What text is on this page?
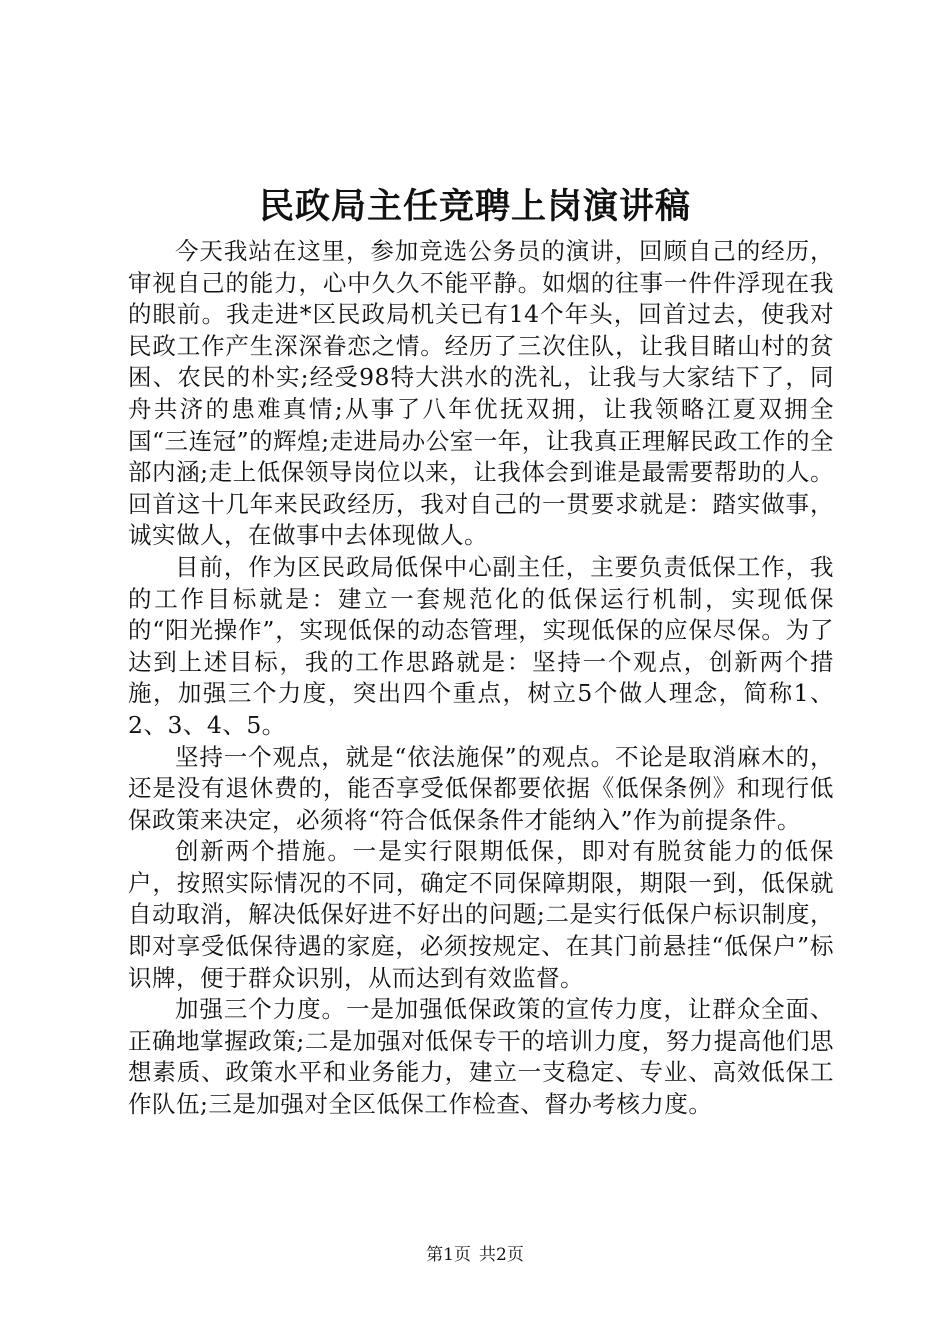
民政局主任竞聘上岗演讲稿

今天我站在这里，参加竞选公务员的演讲，回顾自己的经历，审视自己的能力，心中久久不能平静。如烟的往事一件件浮现在我的眼前。我走进*区民政局机关已有14个年头，回首过去，使我对民政工作产生深深眷恋之情。经历了三次住队，让我目睹山村的贫困、农民的朴实;经受98特大洪水的洗礼，让我与大家结下了，同舟共济的患难真情;从事了八年优抚双拥，让我领略江夏双拥全国“三连冠”的辉煌;走进局办公室一年，让我真正理解民政工作的全部内涵;走上低保领导岗位以来，让我体会到谁是最需要帮助的人。回首这十几年来民政经历，我对自己的一贯要求就是：踏实做事，诚实做人，在做事中去体现做人。

目前，作为区民政局低保中心副主任，主要负责低保工作，我的工作目标就是：建立一套规范化的低保运行机制，实现低保的“阳光操作”，实现低保的动态管理，实现低保的应保尽保。为了达到上述目标，我的工作思路就是：坚持一个观点，创新两个措施，加强三个力度，突出四个重点，树立5个做人理念，简称1、2、3、4、5。

坚持一个观点，就是“依法施保”的观点。不论是取消麻木的，还是没有退休费的，能否享受低保都要依据《低保条例》和现行低保政策来决定，必须将“符合低保条件才能纳入”作为前提条件。

创新两个措施。一是实行限期低保，即对有脱贫能力的低保户，按照实际情况的不同，确定不同保障期限，期限一到，低保就自动取消，解决低保好进不好出的问题;二是实行低保户标识制度，即对享受低保待遇的家庭，必须按规定、在其门前悬挂“低保户”标识牌，便于群众识别，从而达到有效监督。

加强三个力度。一是加强低保政策的宣传力度，让群众全面、正确地掌握政策;二是加强对低保专干的培训力度，努力提高他们思想素质、政策水平和业务能力，建立一支稳定、专业、高效低保工作队伍;三是加强对全区低保工作检查、督办考核力度。

第1页 共2页
